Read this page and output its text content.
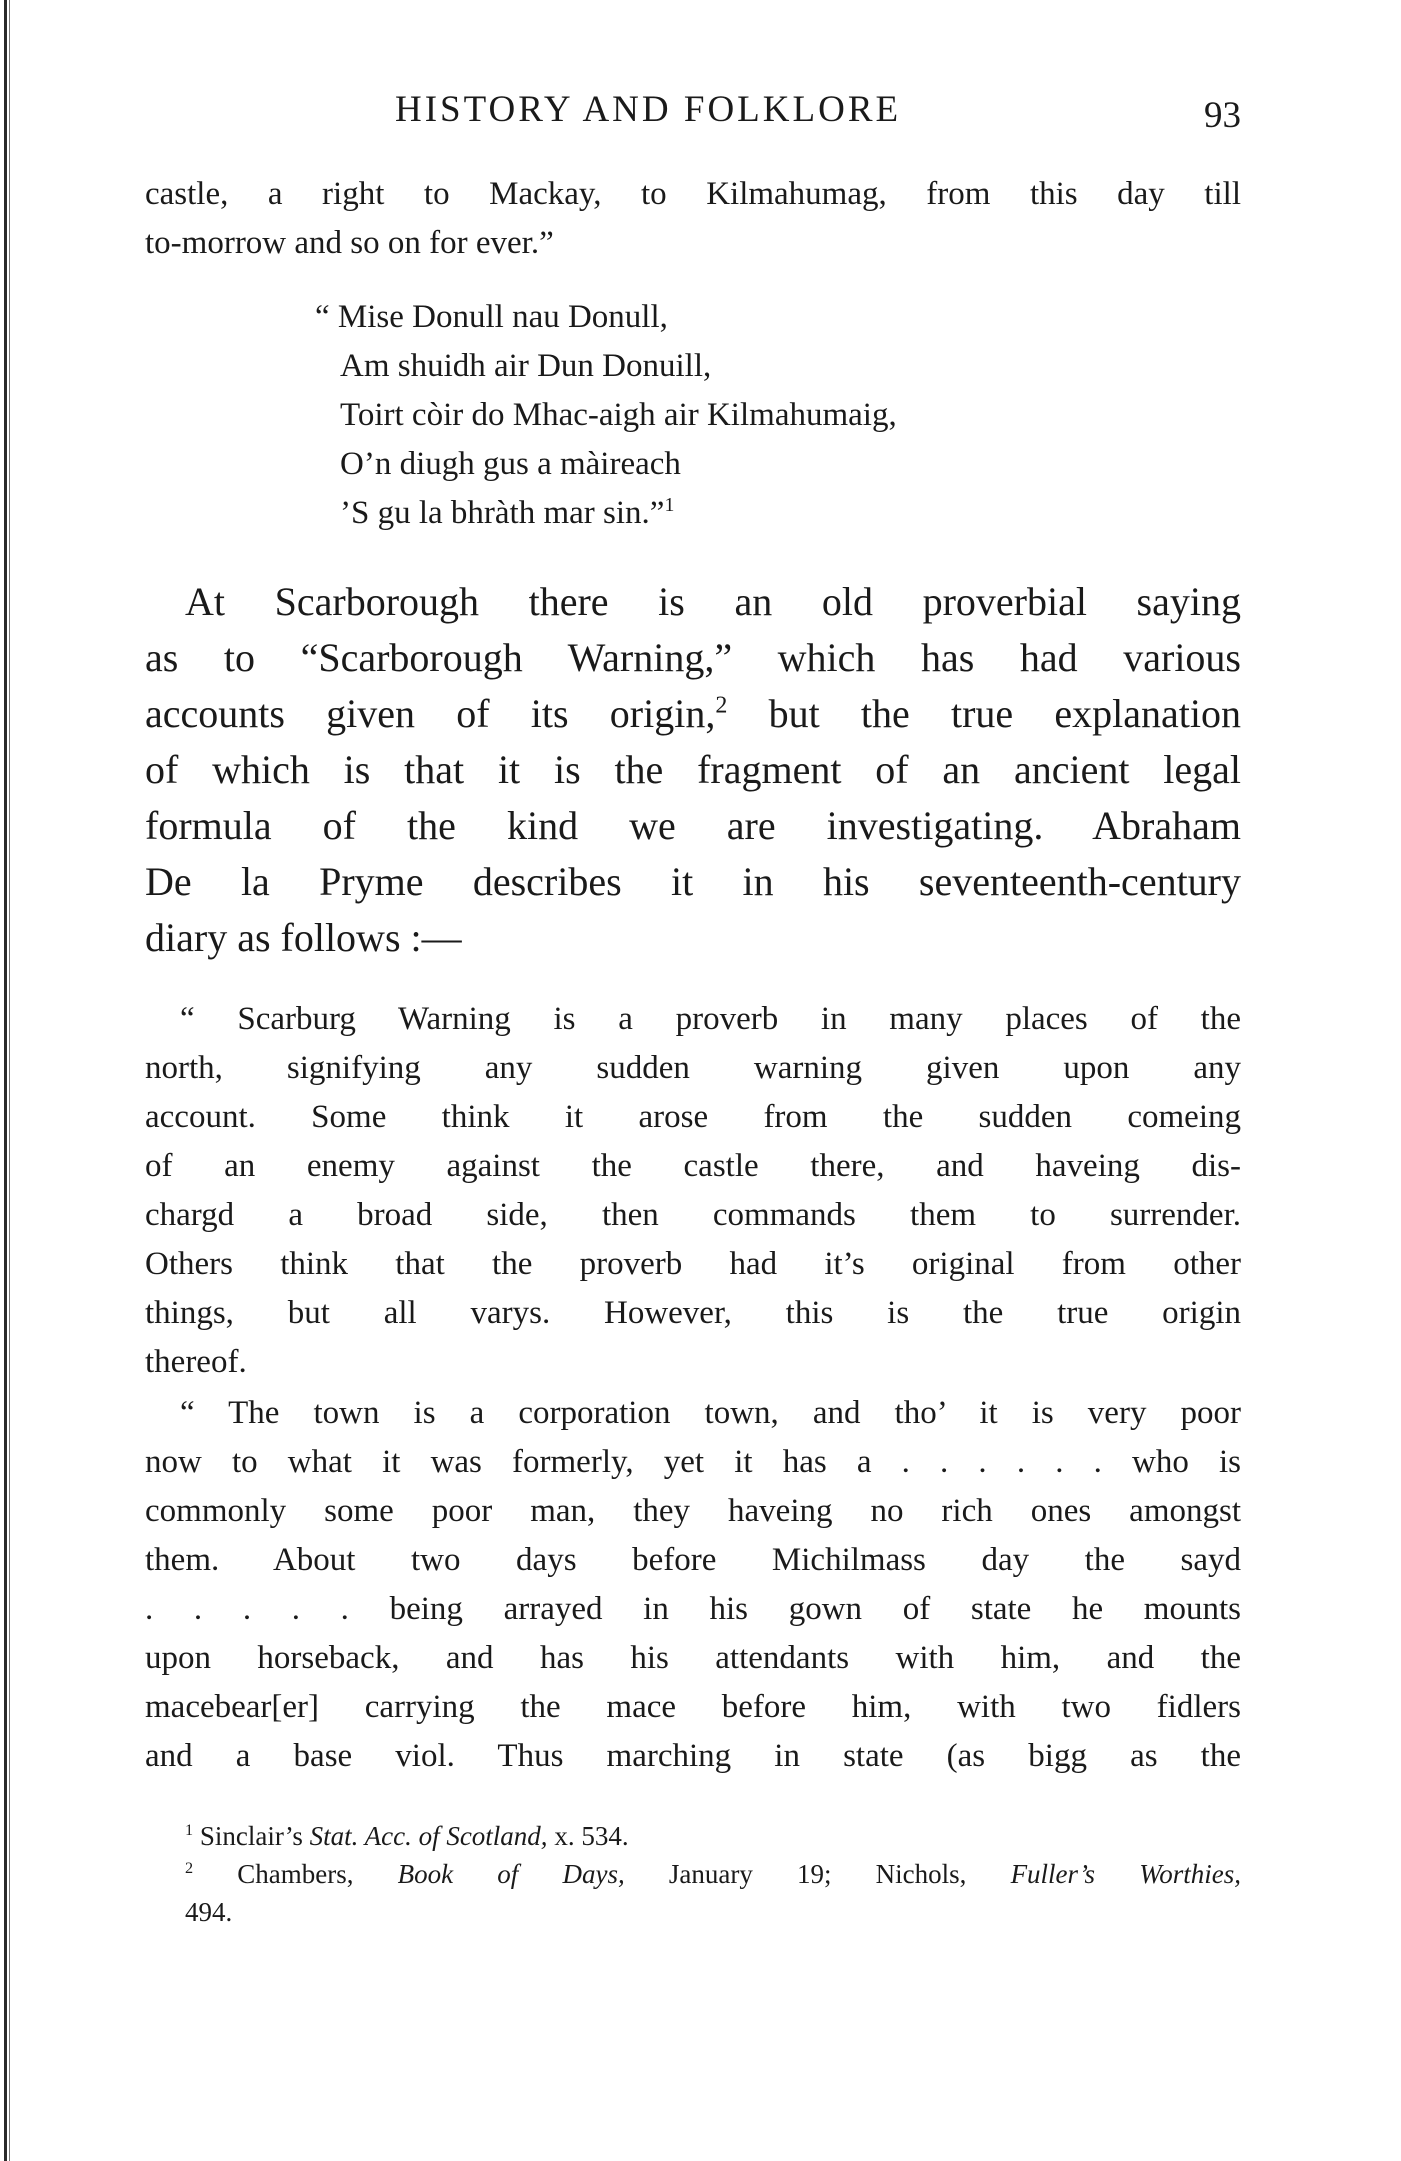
HISTORY AND FOLKLORE	93
castle, a right to Mackay, to Kilmahumag, from this day till
to-morrow and so on for ever.”
“ Mise Donull nau Donull,
Am shuidh air Dun Donuill,
Toirt còir do Mhac-aigh air Kilmahumaig,
O’n diugh gus a màireach
’S gu la bhràth mar sin.”$^1$
At Scarborough there is an old proverbial saying
as to “Scarborough Warning,” which has had various
accounts given of its origin,$^2$ but the true explanation
of which is that it is the fragment of an ancient legal
formula of the kind we are investigating. Abraham
De la Pryme describes it in his seventeenth-century
diary as follows :—
“ Scarburg Warning is a proverb in many places of the
north, signifying any sudden warning given upon any
account. Some think it arose from the sudden comeing
of an enemy against the castle there, and haveing dis-
chargd a broad side, then commands them to surrender.
Others think that the proverb had it’s original from other
things, but all varys. However, this is the true origin
thereof.
“ The town is a corporation town, and tho’ it is very poor
now to what it was formerly, yet it has a . . . . . . who is
commonly some poor man, they haveing no rich ones amongst
them. About two days before Michilmass day the sayd
. . . . . being arrayed in his gown of state he mounts
upon horseback, and has his attendants with him, and the
macebear[er] carrying the mace before him, with two fidlers
and a base viol. Thus marching in state (as bigg as the
$^1$ Sinclair’s Stat. Acc. of Scotland, x. 534.
$^2$ Chambers, Book of Days, January 19; Nichols, Fuller’s Worthies,
494.
